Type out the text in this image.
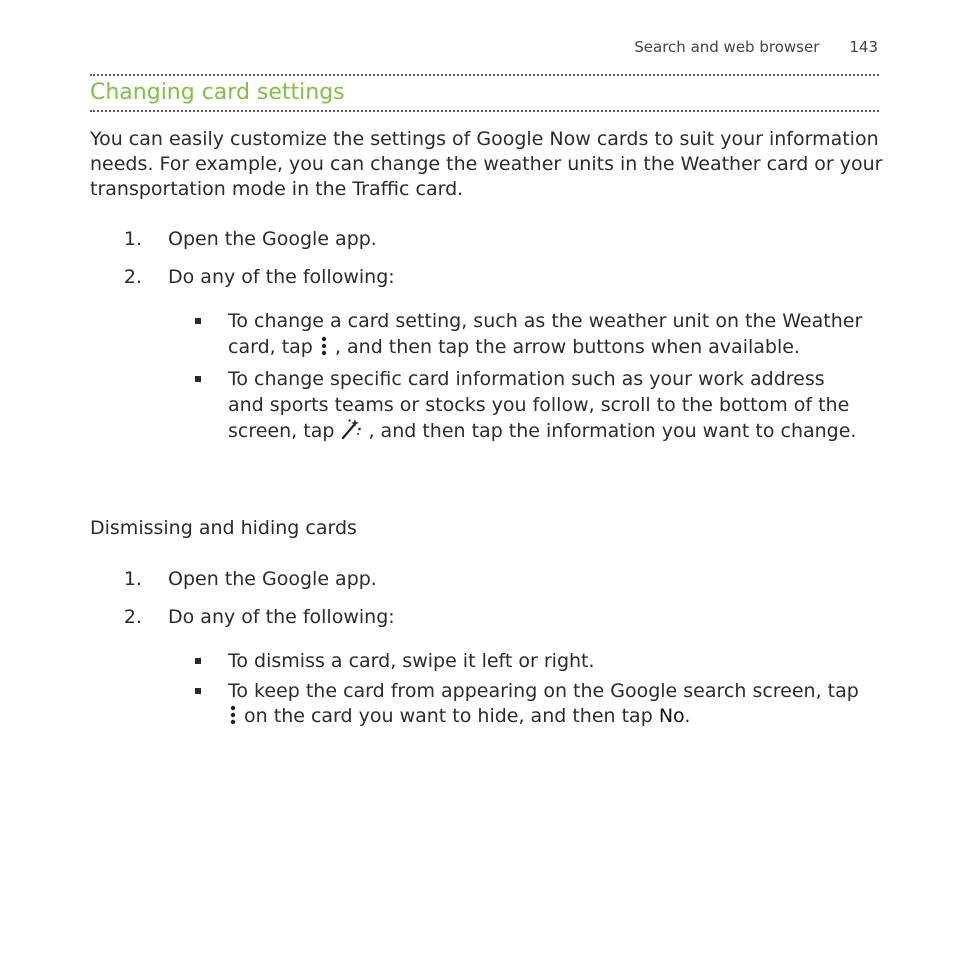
Search and web browser 143
Changing card settings

You can easily customize the settings of Google Now cards to suit your information needs. For example, you can change the weather units in the Weather card or your transportation mode in the Traffic card.

1. Open the Google app.
2. Do any of the following:
To change a card setting, such as the weather unit on the Weather card, tap  , and then tap the arrow buttons when available.
To change specific card information such as your work address and sports teams or stocks you follow, scroll to the bottom of the screen, tap  , and then tap the information you want to change.
Dismissing and hiding cards
1. Open the Google app.
2. Do any of the following:
To dismiss a card, swipe it left or right.
To keep the card from appearing on the Google search screen, tap  on the card you want to hide, and then tap No.
